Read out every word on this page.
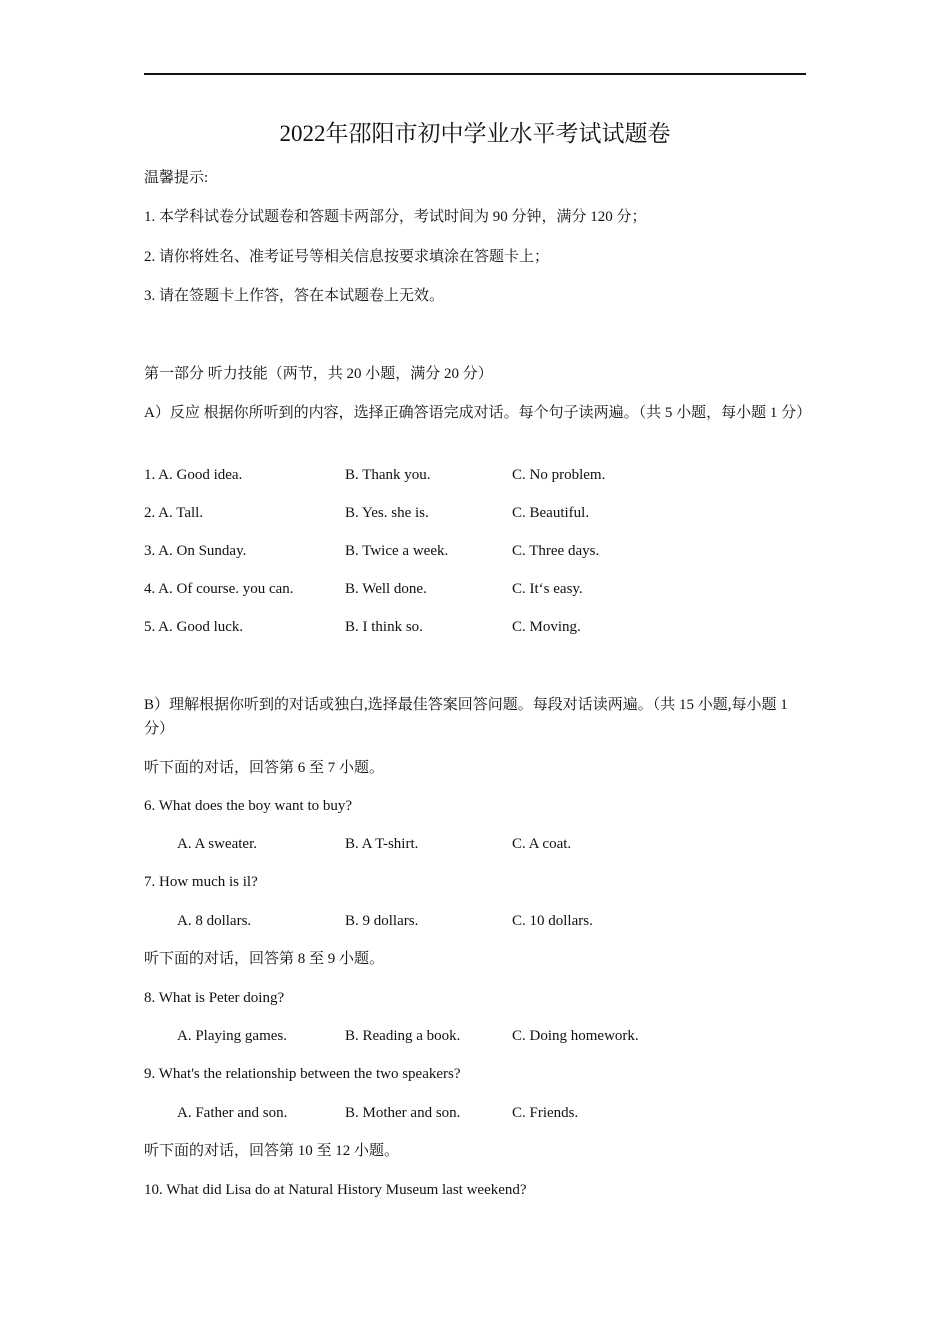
2022年邵阳市初中学业水平考试试题卷
温馨提示:
1. 本学科试卷分试题卷和答题卡两部分，考试时间为 90 分钟，满分 120 分；
2. 请你将姓名、准考证号等相关信息按要求填涂在答题卡上；
3. 请在签题卡上作答，答在本试题卷上无效。
第一部分 听力技能（两节，共 20 小题，满分 20 分）
A）反应 根据你所听到的内容，选择正确答语完成对话。每个句子读两遍。（共 5 小题，每小题 1 分）
1. A. Good idea.	B. Thank you.	C. No problem.
2. A. Tall.	B. Yes. she is.	C. Beautiful.
3. A. On Sunday.	B. Twice a week.	C. Three days.
4. A. Of course. you can.	B. Well done.	C. It‘s easy.
5. A. Good luck.	B. I think so.	C. Moving.
B）理解根据你听到的对话或独白,选择最佳答案回答问题。每段对话读两遍。（共 15 小题,每小题 1 分）
听下面的对话，回答第 6 至 7 小题。
6. What does the boy want to buy?
A. A sweater.	B. A T-shirt.	C. A coat.
7. How much is il?
A. 8 dollars.	B. 9 dollars.	C. 10 dollars.
听下面的对话，回答第 8 至 9 小题。
8. What is Peter doing?
A. Playing games.	B. Reading a book.	C. Doing homework.
9. What's the relationship between the two speakers?
A. Father and son.	B. Mother and son.	C. Friends.
听下面的对话，回答第 10 至 12 小题。
10. What did Lisa do at Natural History Museum last weekend?
